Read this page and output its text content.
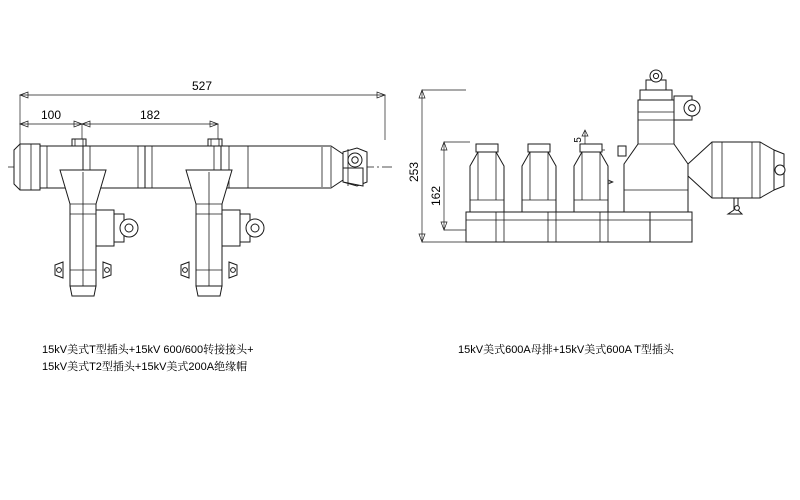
527
100	182
15kV美式T型插头+15kV 600/600转接接头+
15kV美式T2型插头+15kV美式200A绝缘帽
253
162
5
15kV美式600A母排+15kV美式600A T型插头
